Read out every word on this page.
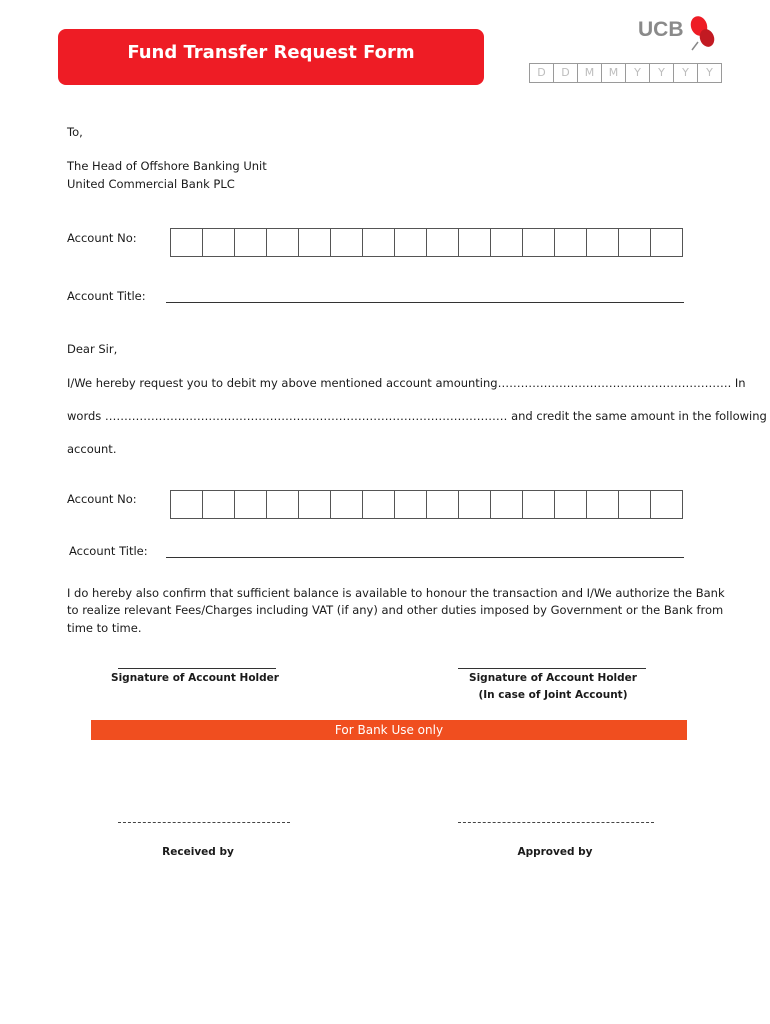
Fund Transfer Request Form
UCB
D	D	M	M	Y	Y	Y	Y
To,
The Head of Offshore Banking Unit
United Commercial Bank PLC
Account No:
Account Title:
Dear Sir,
I/We hereby request you to debit my above mentioned account amounting……………………………………………………. In
words …………………………………………………………………………………………… and credit the same amount in the following
account.
Account No:
Account Title:
I do hereby also confirm that sufficient balance is available to honour the transaction and I/We authorize the Bank
to realize relevant Fees/Charges including VAT (if any) and other duties imposed by Government or the Bank from
time to time.
Signature of Account Holder	Signature of Account Holder
(In case of Joint Account)
For Bank Use only
Received by	Approved by
